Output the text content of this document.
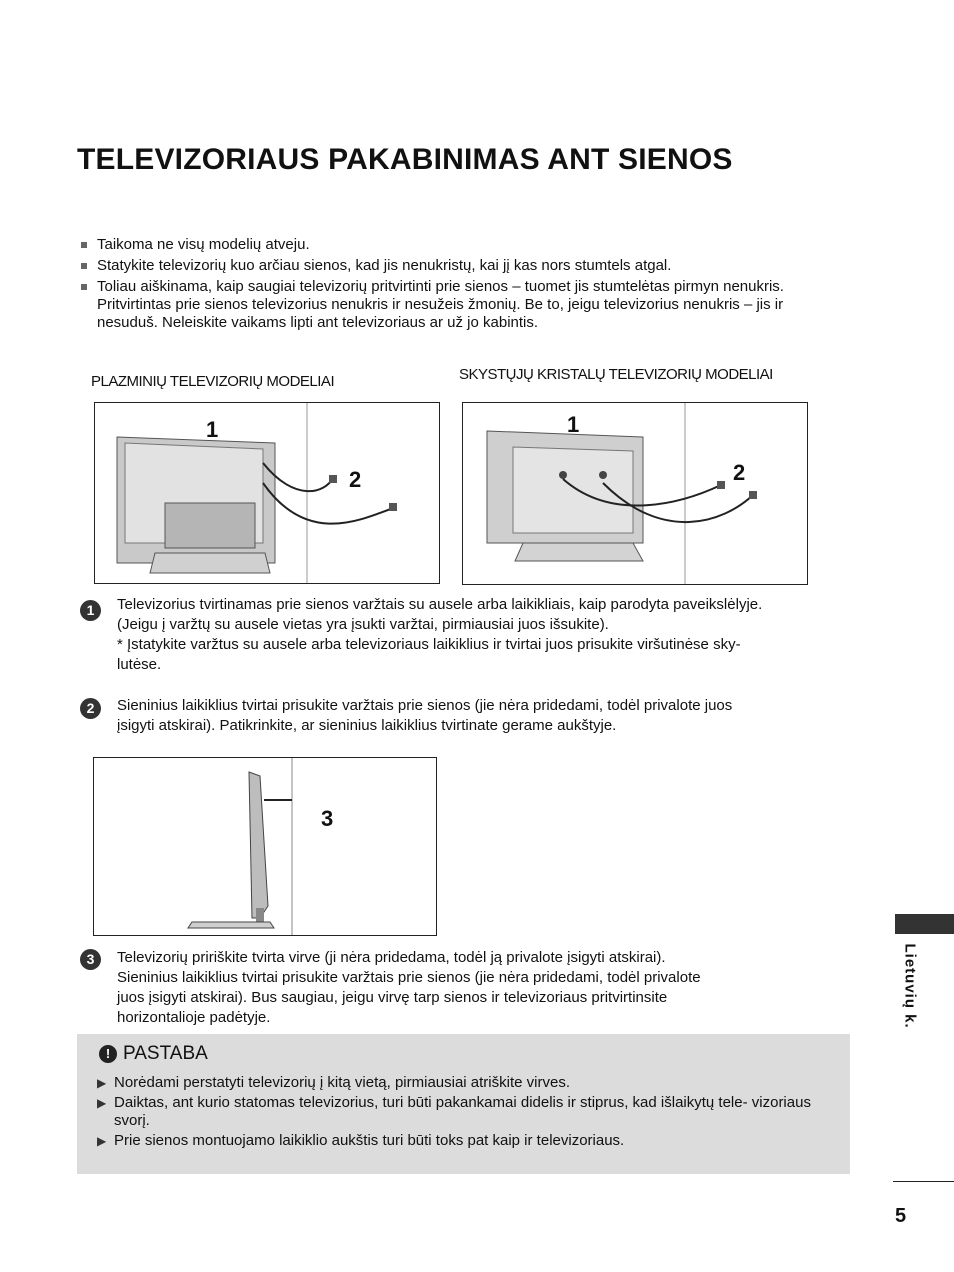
TELEVIZORIAUS PAKABINIMAS ANT SIENOS
Taikoma ne visų modelių atveju.
Statykite televizorių kuo arčiau sienos, kad jis nenukristų, kai jį kas nors stumtels atgal.
Toliau aiškinama, kaip saugiai televizorių pritvirtinti prie sienos – tuomet jis stumtelėtas pirmyn nenukris. Pritvirtintas prie sienos televizorius nenukris ir nesužeis žmonių. Be to, jeigu televizorius nenukris – jis ir nesuduš. Neleiskite vaikams lipti ant televizoriaus ar už jo kabintis.
PLAZMINIŲ TELEVIZORIŲ MODELIAI	SKYSTŲJŲ KRISTALŲ TELEVIZORIŲ MODELIAI
1
2
1
2
1	Televizorius tvirtinamas prie sienos varžtais su ausele arba laikikliais, kaip parodyta paveikslėlyje.
(Jeigu į varžtų su ausele vietas yra įsukti varžtai, pirmiausiai juos išsukite).
* Įstatykite varžtus su ausele arba televizoriaus laikiklius ir tvirtai juos prisukite viršutinėse sky-
lutėse.
2	Sieninius laikiklius tvirtai prisukite varžtais prie sienos (jie nėra pridedami, todėl privalote juos
įsigyti atskirai). Patikrinkite, ar sieninius laikiklius tvirtinate gerame aukštyje.
3
3	Televizorių pririškite tvirta virve (ji nėra pridedama, todėl ją privalote įsigyti atskirai).
Sieninius laikiklius tvirtai prisukite varžtais prie sienos (jie nėra pridedami, todėl privalote
juos įsigyti atskirai). Bus saugiau, jeigu virvę tarp sienos ir televizoriaus pritvirtinsite
horizontalioje padėtyje.
! PASTABA
▶ Norėdami perstatyti televizorių į kitą vietą, pirmiausiai atriškite virves.
▶ Daiktas, ant kurio statomas televizorius, turi būti pakankamai didelis ir stiprus, kad išlaikytų tele- vizoriaus svorį.
▶ Prie sienos montuojamo laikiklio aukštis turi būti toks pat kaip ir televizoriaus.
Lietuvių k.
5
